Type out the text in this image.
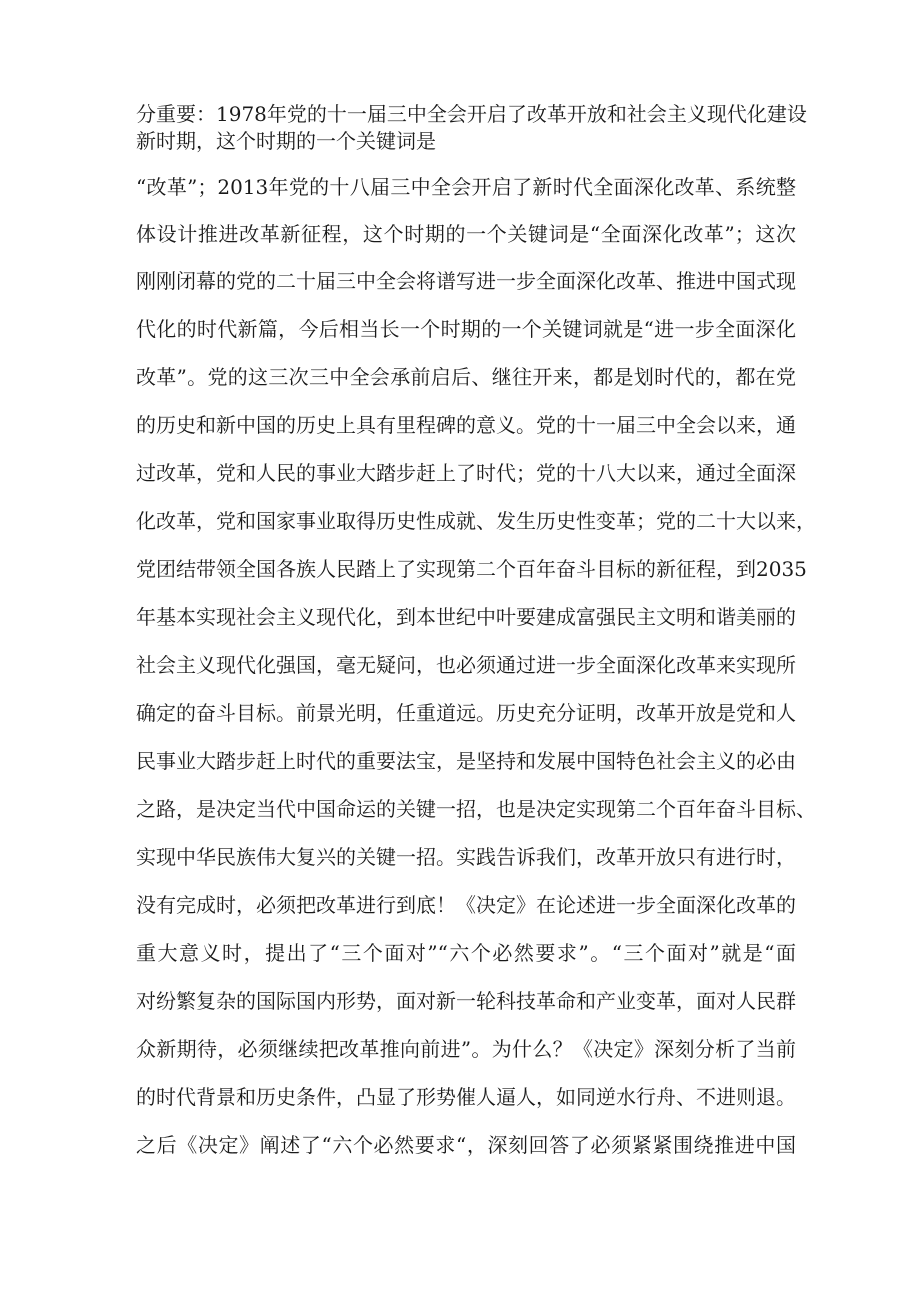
分重要：1978年党的十一届三中全会开启了改革开放和社会主义现代化建设
新时期，这个时期的一个关键词是
“改革”；2013年党的十八届三中全会开启了新时代全面深化改革、系统整
体设计推进改革新征程，这个时期的一个关键词是“全面深化改革”；这次
刚刚闭幕的党的二十届三中全会将谱写进一步全面深化改革、推进中国式现
代化的时代新篇，今后相当长一个时期的一个关键词就是“进一步全面深化
改革”。党的这三次三中全会承前启后、继往开来，都是划时代的，都在党
的历史和新中国的历史上具有里程碑的意义。党的十一届三中全会以来，通
过改革，党和人民的事业大踏步赶上了时代；党的十八大以来，通过全面深
化改革，党和国家事业取得历史性成就、发生历史性变革；党的二十大以来，
党团结带领全国各族人民踏上了实现第二个百年奋斗目标的新征程，到2035
年基本实现社会主义现代化，到本世纪中叶要建成富强民主文明和谐美丽的
社会主义现代化强国，毫无疑问，也必须通过进一步全面深化改革来实现所
确定的奋斗目标。前景光明，任重道远。历史充分证明，改革开放是党和人
民事业大踏步赶上时代的重要法宝，是坚持和发展中国特色社会主义的必由
之路，是决定当代中国命运的关键一招，也是决定实现第二个百年奋斗目标、
实现中华民族伟大复兴的关键一招。实践告诉我们，改革开放只有进行时，
没有完成时，必须把改革进行到底！《决定》在论述进一步全面深化改革的
重大意义时，提出了“三个面对”“六个必然要求”。“三个面对”就是“面
对纷繁复杂的国际国内形势，面对新一轮科技革命和产业变革，面对人民群
众新期待，必须继续把改革推向前进”。为什么？《决定》深刻分析了当前
的时代背景和历史条件，凸显了形势催人逼人，如同逆水行舟、不进则退。
之后《决定》阐述了“六个必然要求“，深刻回答了必须紧紧围绕推进中国
